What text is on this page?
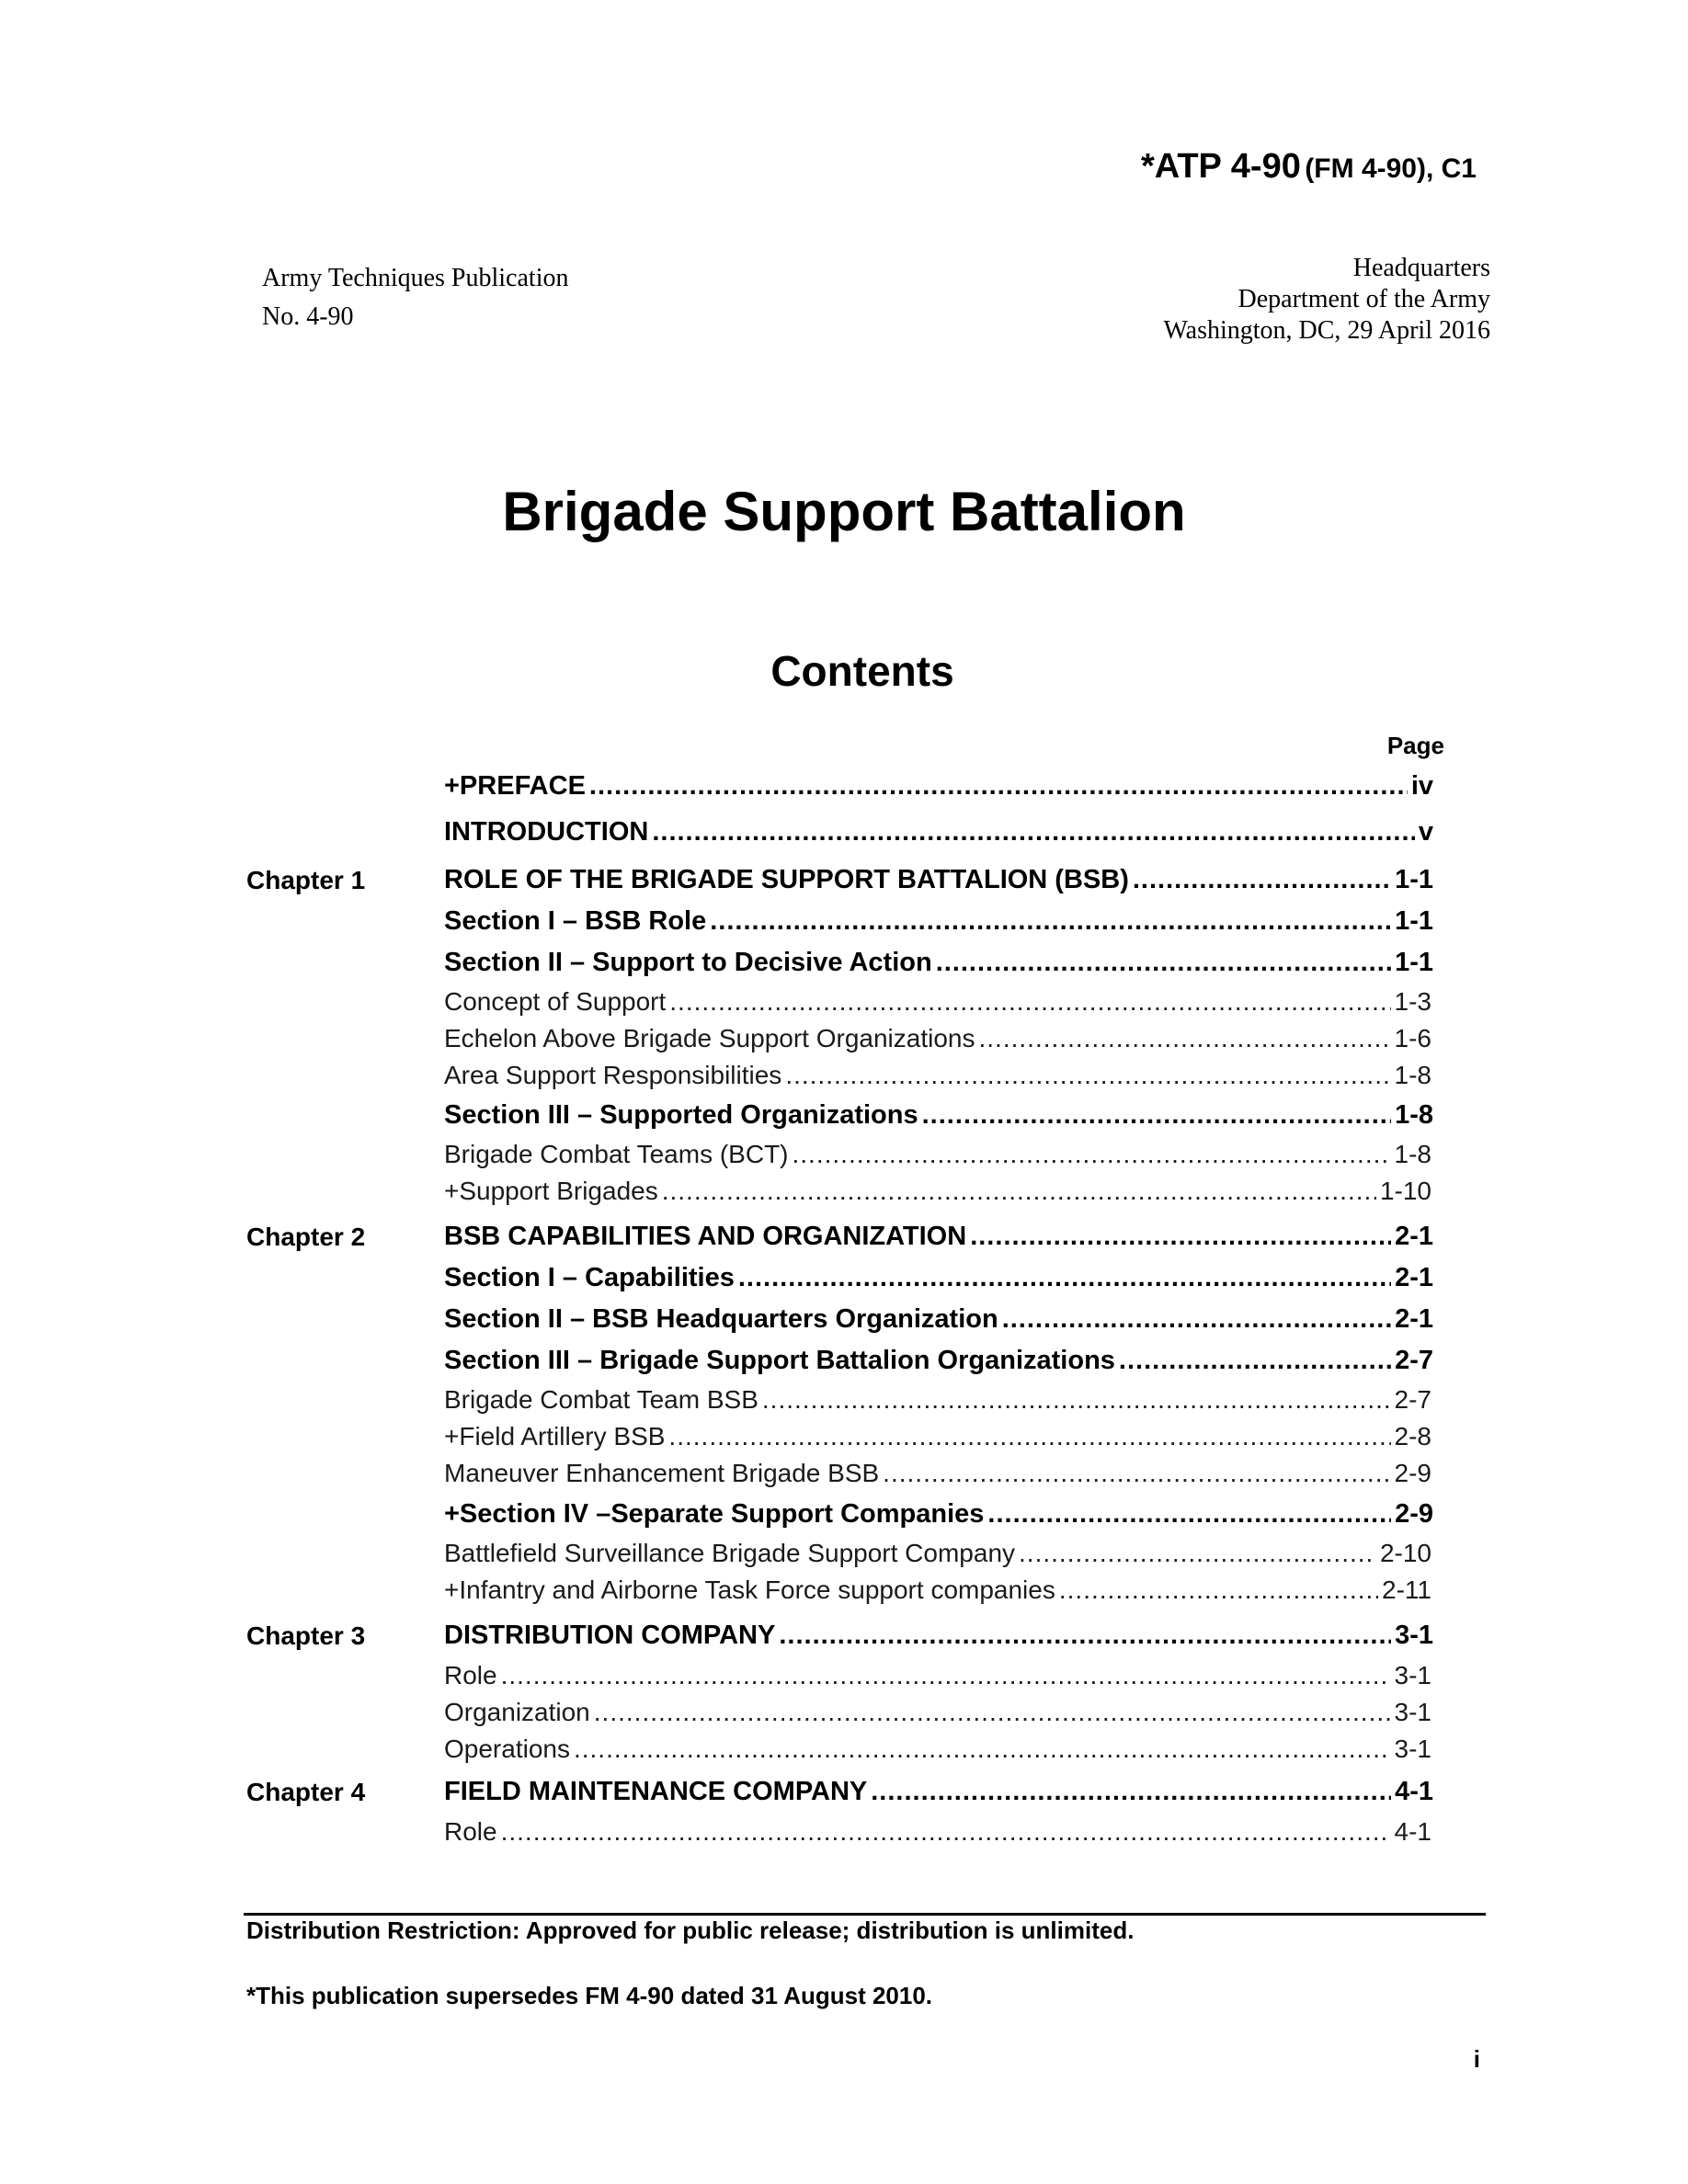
*ATP 4-90 (FM 4-90), C1
Army Techniques Publication
No. 4-90
Headquarters
Department of the Army
Washington, DC, 29 April 2016
Brigade Support Battalion
Contents
Page
+PREFACE .....	iv
INTRODUCTION .....	v
Chapter 1	ROLE OF THE BRIGADE SUPPORT BATTALION (BSB) .....	1-1
Section I – BSB Role .....	1-1
Section II – Support to Decisive Action .....	1-1
Concept of Support .....	1-3
Echelon Above Brigade Support Organizations .....	1-6
Area Support Responsibilities .....	1-8
Section III – Supported Organizations .....	1-8
Brigade Combat Teams (BCT) .....	1-8
+Support Brigades .....	1-10
Chapter 2	BSB CAPABILITIES AND ORGANIZATION .....	2-1
Section I – Capabilities .....	2-1
Section II – BSB Headquarters Organization .....	2-1
Section III – Brigade Support Battalion Organizations .....	2-7
Brigade Combat Team BSB .....	2-7
+Field Artillery BSB .....	2-8
Maneuver Enhancement Brigade BSB .....	2-9
+Section IV –Separate Support Companies .....	2-9
Battlefield Surveillance Brigade Support Company .....	2-10
+Infantry and Airborne Task Force support companies .....	2-11
Chapter 3	DISTRIBUTION COMPANY .....	3-1
Role .....	3-1
Organization .....	3-1
Operations .....	3-1
Chapter 4	FIELD MAINTENANCE COMPANY .....	4-1
Role .....	4-1
Distribution Restriction: Approved for public release; distribution is unlimited.
*This publication supersedes FM 4-90 dated 31 August 2010.
i
